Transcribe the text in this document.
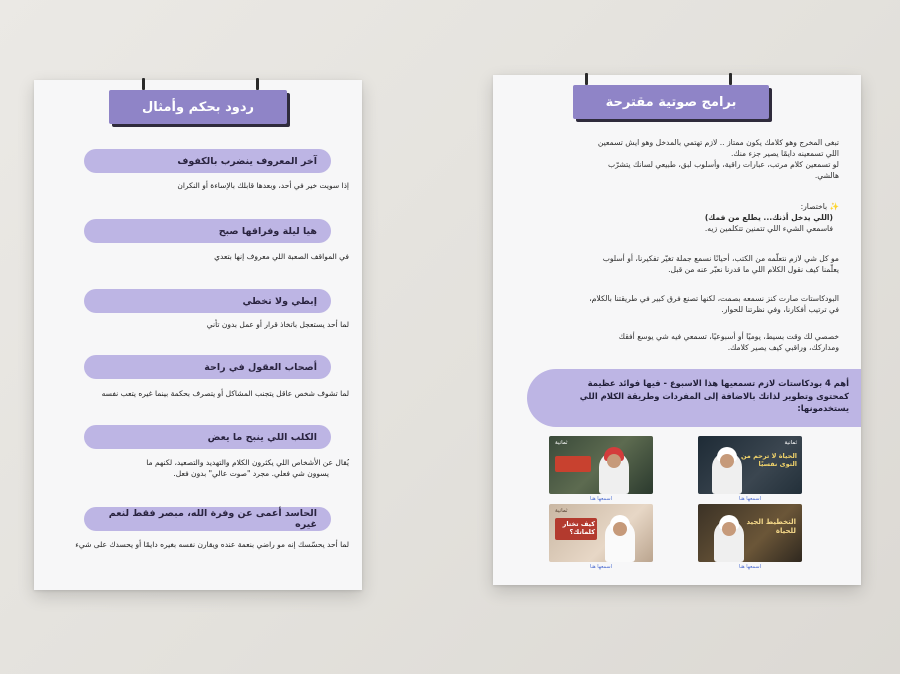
ردود بحكم وأمثال
آخر المعروف ينضرب بالكفوف
إذا سويت خير في أحد، وبعدها قابلك بالإساءة أو النكران
هيا ليلة وفراقها صبح
في المواقف الصعبة اللي معروف إنها بتعدي
إبطي ولا تخطي
لما أحد يستعجل باتخاذ قرار أو عمل بدون تأني
أصحاب العقول في راحة
لما تشوف شخص عاقل يتجنب المشاكل أو يتصرف بحكمة بينما غيره يتعب نفسه
الكلب اللي ينبح ما يعض
يُقال عن الأشخاص اللي يكثرون الكلام والتهديد والتصعيد، لكنهم ما
يسوون شي فعلي. مجرد "صوت عالي" بدون فعل.
الحاسد أعمى عن وفرة الله، مبصر فقط لنعم غيره
لما أحد يحسّسك إنه مو راضي بنعمة عنده ويقارن نفسه بغيره دايمًا أو يحسدك على شيء
برامج صوتية مقترحة
تبغى المخرج وهو كلامك يكون ممتاز .. لازم تهتمي بالمدخل وهو ايش تسمعين
اللي تسمعينه دايمًا يصير جزء منك.
لو تسمعين كلام مرتب، عبارات راقية، وأسلوب لبق، طبيعي لسانك يتشرّب
هالشي.
✨ باختصار:
(اللي يدخل أذنك... يطلع من فمك)
فاسمعي الشيء اللي تتمنين تتكلمين زيه.
مو كل شي لازم نتعلّمه من الكتب، أحيانًا نسمع جملة تغيّر تفكيرنا، أو أسلوب
يعلّمنا كيف نقول الكلام اللي ما قدرنا نعبّر عنه من قبل.
البودكاستات صارت كنز نسمعه بصمت، لكنها تصنع فرق كبير في طريقتنا بالكلام،
في ترتيب أفكارنا، وفي نظرتنا للحوار.
خصصي لك وقت بسيط، يوميًا أو أسبوعيًا، تسمعي فيه شي يوسع أفقك
ومداركك، وراقبي كيف يصير كلامك.
أهم 4 بودكاستات لازم تسمعيها هذا الاسبوع - فيها فوائد عظيمة
كمحتوى وتطوير لذاتك بالاضافة إلى المفردات وطريقة الكلام اللي
يستخدمونها:
الحياة لا ترحم من
التوى نفسيًا
ثمانية
اسمعها هنا
ثمانية
اسمعها هنا
التخطيط الجيد
للحياة
اسمعها هنا
كيف تختار
كلماتك؟
ثمانية
اسمعها هنا
